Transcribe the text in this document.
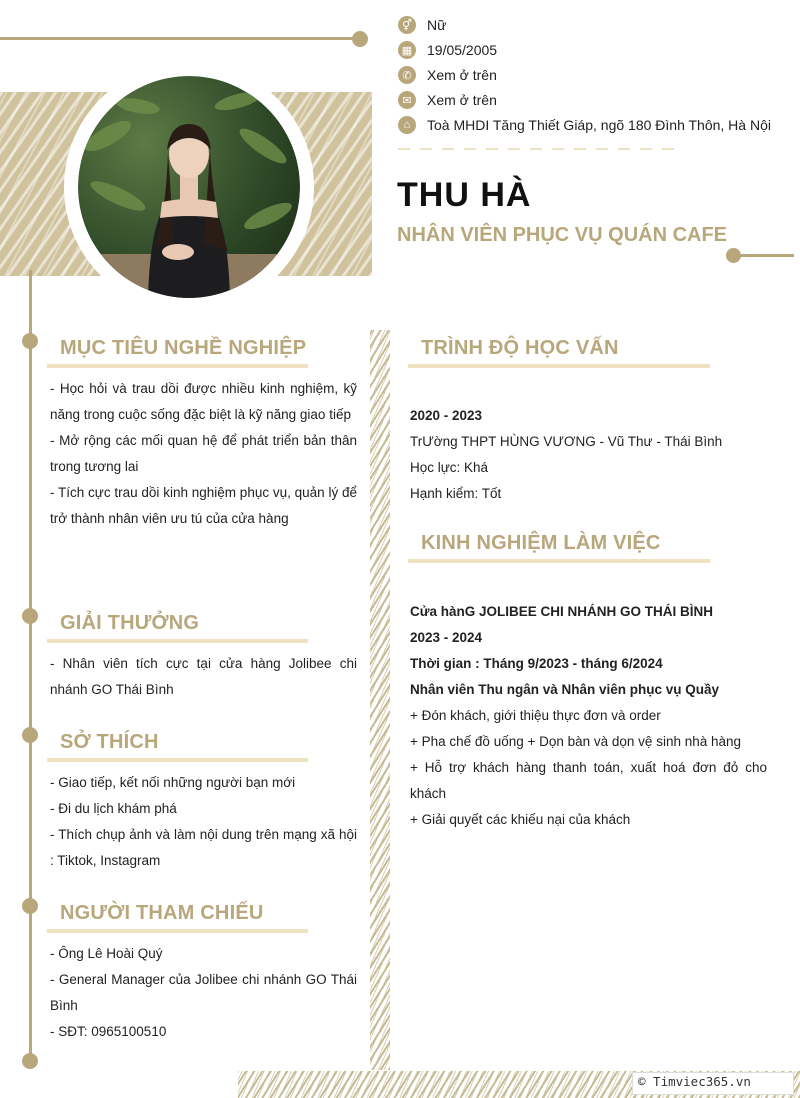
⚥ Nữ
▦ 19/05/2005
✆	Xem ở trên
✉	Xem ở trên
⌂	Toà MHDI Tăng Thiết Giáp, ngõ 180 Đình Thôn, Hà Nội
THU HÀ
NHÂN VIÊN PHỤC VỤ QUÁN CAFE
© Timviec365.vn
MỤC TIÊU NGHỀ NGHIỆP

- Học hỏi và trau dồi được nhiều kinh nghiệm, kỹ năng trong cuộc sống đặc biệt là kỹ năng giao tiếp

- Mở rộng các mối quan hệ để phát triển bản thân trong tương lai

- Tích cực trau dồi kinh nghiệm phục vụ, quản lý để trở thành nhân viên ưu tú của cửa hàng

GIẢI THƯỞNG

- Nhân viên tích cực tại cửa hàng Jolibee chi nhánh GO Thái Bình

SỞ THÍCH

- Giao tiếp, kết nối những người bạn mới

- Đi du lịch khám phá

- Thích chụp ảnh và làm nội dung trên mạng xã hội : Tiktok, Instagram

NGƯỜI THAM CHIẾU

- Ông Lê Hoài Quý

- General Manager của Jolibee chi nhánh GO Thái Bình

- SĐT: 0965100510

TRÌNH ĐỘ HỌC VẤN

2020 - 2023

TrƯờng THPT HÙNG VƯƠNG - Vũ Thư - Thái Bình

Học lực: Khá

Hạnh kiểm: Tốt

KINH NGHIỆM LÀM VIỆC

Cửa hànG JOLIBEE CHI NHÁNH GO THÁI BÌNH

2023 - 2024

Thời gian : Tháng 9/2023 - tháng 6/2024

Nhân viên Thu ngân và Nhân viên phục vụ Quầy

+ Đón khách, giới thiệu thực đơn và order

+ Pha chế đồ uống + Dọn bàn và dọn vệ sinh nhà hàng

+ Hỗ trợ khách hàng thanh toán, xuất hoá đơn đỏ cho khách

+ Giải quyết các khiếu nại của khách
